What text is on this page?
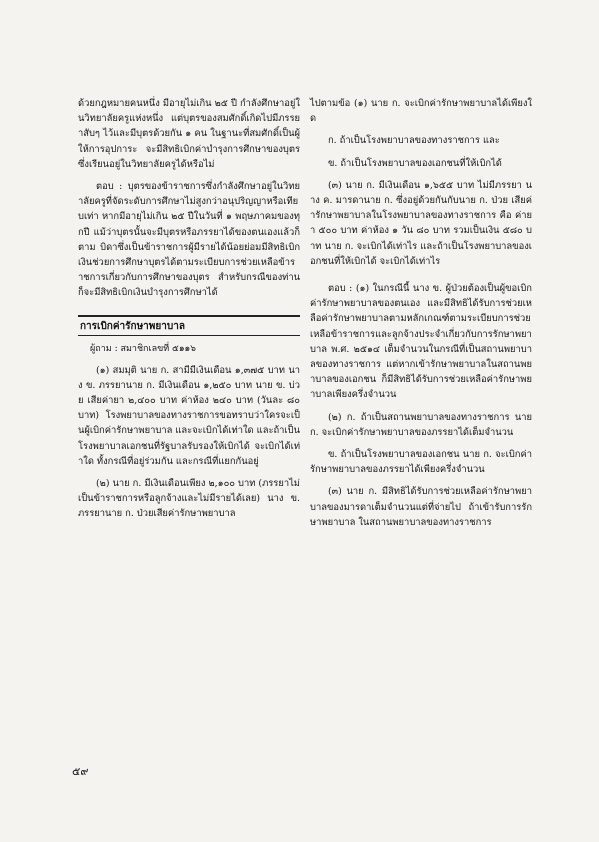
ด้วยกฎหมายคนหนึ่ง มีอายุไม่เกิน ๒๕ ปี กำลังศึกษาอยู่ในวิทยาลัยครูแห่งหนึ่ง แต่บุตรของสมศักดิ์เกิดไปมีภรรยาสับๆ ไว้และมีบุตรด้วยกัน ๑ คน ในฐานะที่สมศักดิ์เป็นผู้ให้การอุปการะ จะมีสิทธิเบิกค่าบำรุงการศึกษาของบุตร ซึ่งเรียนอยู่ในวิทยาลัยครูได้หรือไม่

ตอบ : บุตรของข้าราชการซึ่งกำลังศึกษาอยู่ในวิทยาลัยครูที่จัดระดับการศึกษาไม่สูงกว่าอนุปริญญาหรือเทียบเท่า หากมีอายุไม่เกิน ๒๕ ปีในวันที่ ๑ พฤษภาคมของทุกปี แม้ว่าบุตรนั้นจะมีบุตรหรือภรรยาได้ของตนเองแล้วก็ตาม บิดาซึ่งเป็นข้าราชการผู้มีรายได้น้อยย่อมมีสิทธิเบิกเงินช่วยการศึกษาบุตรได้ตามระเบียบการช่วยเหลือข้าราชการเกี่ยวกับการศึกษาของบุตร สำหรับกรณีของท่านก็จะมีสิทธิเบิกเงินบำรุงการศึกษาได้

การเบิกค่ารักษาพยาบาล
ผู้ถาม : สมาชิกเลขที่ ๕๑๑๖

(๑) สมมุติ นาย ก. สามีมีเงินเดือน ๑,๓๗๕ บาท นาง ข. ภรรยานาย ก. มีเงินเดือน ๑,๒๕๐ บาท นาย ข. บ่วย เสียค่ายา ๒,๔๐๐ บาท ค่าห้อง ๒๔๐ บาท (วันละ ๘๐ บาท) โรงพยาบาลของทางราชการขอทราบว่าใครจะเป็นผู้เบิกค่ารักษาพยาบาล และจะเบิกได้เท่าใด และถ้าเป็นโรงพยาบาลเอกชนที่รัฐบาลรับรองให้เบิกได้ จะเบิกได้เท่าใด ทั้งกรณีที่อยู่ร่วมกัน และกรณีที่แยกกันอยู่

(๒) นาย ก. มีเงินเดือนเพียง ๒,๑๐๐ บาท (ภรรยาไม่เป็นข้าราชการหรือลูกจ้างและไม่มีรายได้เลย) นาง ข. ภรรยานาย ก. ป่วยเสียค่ารักษาพยาบาล

ไปตามข้อ (๑) นาย ก. จะเบิกค่ารักษาพยาบาลได้เพียงใด

ก. ถ้าเป็นโรงพยาบาลของทางราชการ และ

ข. ถ้าเป็นโรงพยาบาลของเอกชนที่ให้เบิกได้

(๓) นาย ก. มีเงินเดือน ๑,๖๕๕ บาท ไม่มีภรรยา นาง ค. มารดานาย ก. ซึ่งอยู่ด้วยกันกับนาย ก. ป่วย เสียค่ารักษาพยาบาลในโรงพยาบาลของทางราชการ คือ ค่ายา ๕๐๐ บาท ค่าห้อง ๑ วัน ๘๐ บาท รวมเป็นเงิน ๕๘๐ บาท นาย ก. จะเบิกได้เท่าไร และถ้าเป็นโรงพยาบาลของเอกชนที่ให้เบิกได้ จะเบิกได้เท่าไร

ตอบ : (๑) ในกรณีนี้ นาง ข. ผู้ป่วยต้องเป็นผู้ขอเบิกค่ารักษาพยาบาลของตนเอง และมีสิทธิได้รับการช่วยเหลือค่ารักษาพยาบาลตามหลักเกณฑ์ตามระเบียบการช่วยเหลือข้าราชการและลูกจ้างประจำเกี่ยวกับการรักษาพยาบาล พ.ศ. ๒๕๑๔ เต็มจำนวนในกรณีที่เป็นสถานพยาบาลของทางราชการ แต่หากเข้ารักษาพยาบาลในสถานพยาบาลของเอกชน ก็มีสิทธิได้รับการช่วยเหลือค่ารักษาพยาบาลเพียงครึ่งจำนวน

(๒) ก. ถ้าเป็นสถานพยาบาลของทางราชการ นาย ก. จะเบิกค่ารักษาพยาบาลของภรรยาได้เต็มจำนวน

ข. ถ้าเป็นโรงพยาบาลของเอกชน นาย ก. จะเบิกค่ารักษาพยาบาลของภรรยาได้เพียงครึ่งจำนวน

(๓) นาย ก. มีสิทธิได้รับการช่วยเหลือค่ารักษาพยาบาลของมารดาเต็มจำนวนแต่ที่จ่ายไป ถ้าเข้ารับการรักษาพยาบาล ในสถานพยาบาลของทางราชการ

๕๙
